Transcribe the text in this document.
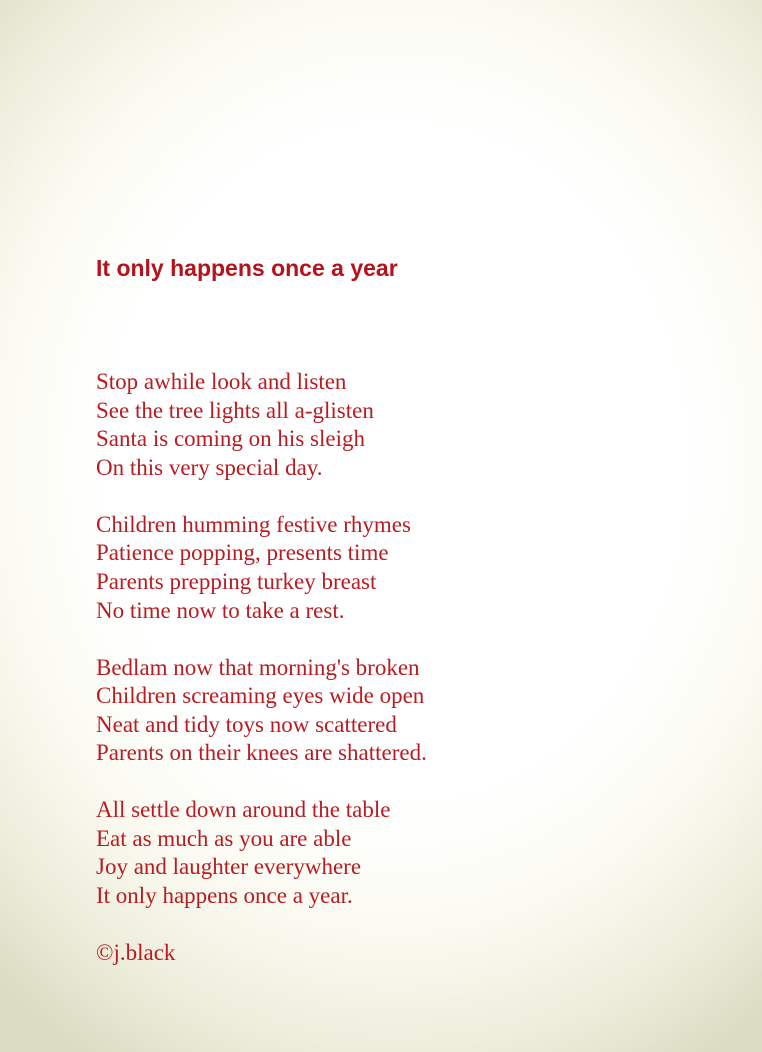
It only happens once a year
Stop awhile look and listen
See the tree lights all a-glisten
Santa is coming on his sleigh
On this very special day.
Children humming festive rhymes
Patience popping, presents time
Parents prepping turkey breast
No time now to take a rest.
Bedlam now that morning's broken
Children screaming eyes wide open
Neat and tidy toys now scattered
Parents on their knees are shattered.
All settle down around the table
Eat as much as you are able
Joy and laughter everywhere
It only happens once a year.
©j.black
